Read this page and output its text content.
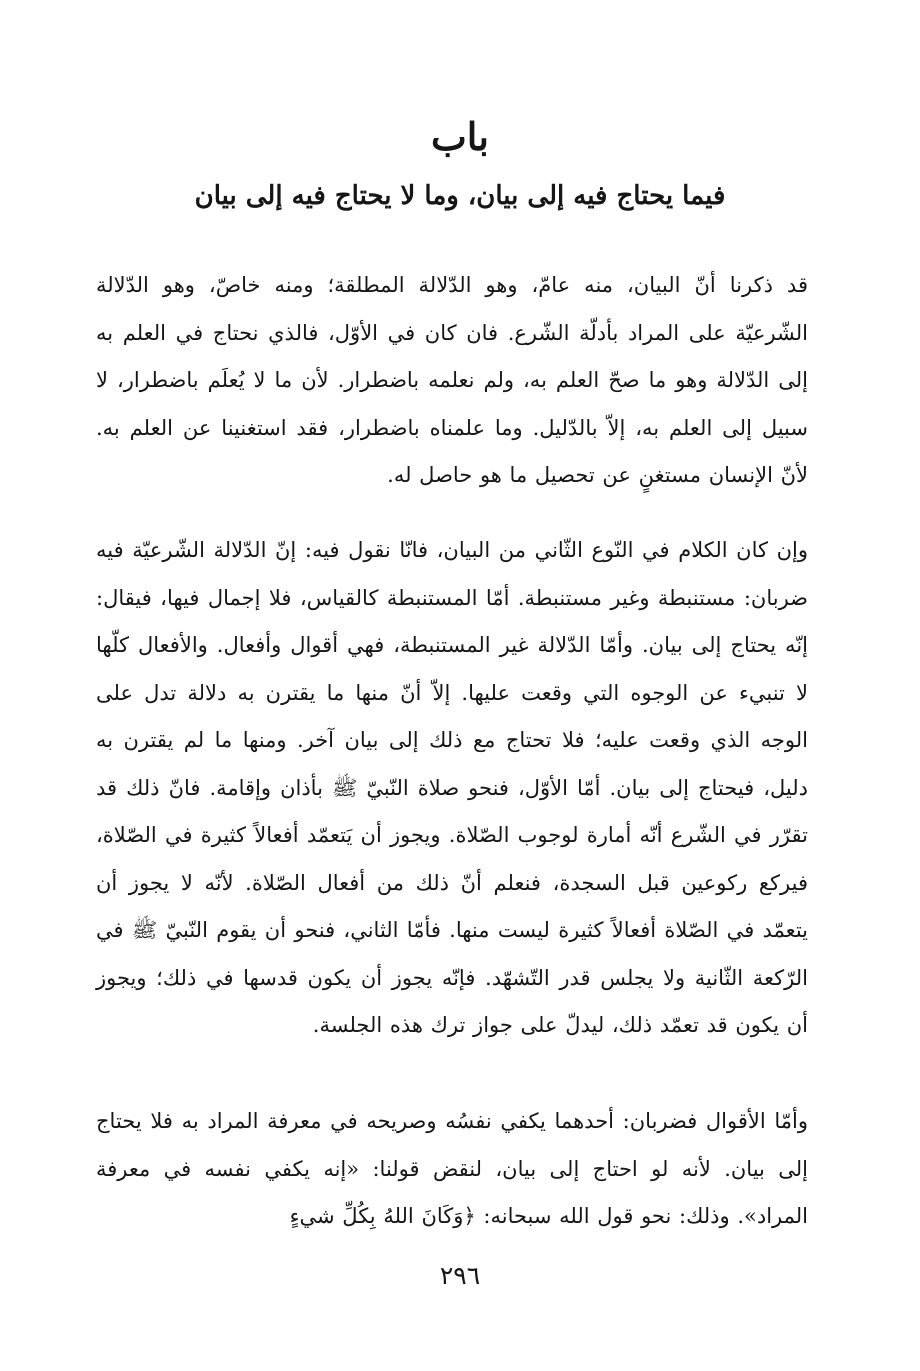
باب
فيما يحتاج فيه إلى بيان، وما لا يحتاج فيه إلى بيان

قد ذكرنا أنّ البيان، منه عامّ، وهو الدّلالة المطلقة؛ ومنه خاصّ، وهو الدّلالة الشّرعيّة على المراد بأدلّة الشّرع. فان كان في الأوّل، فالذي نحتاج في العلم به إلى الدّلالة وهو ما صحّ العلم به، ولم نعلمه باضطرار. لأن ما لا يُعلَم باضطرار، لا سبيل إلى العلم به، إلاّ بالدّليل. وما علمناه باضطرار، فقد استغنينا عن العلم به. لأنّ الإنسان مستغنٍ عن تحصيل ما هو حاصل له.

وإن كان الكلام في النّوع الثّاني من البيان، فانّا نقول فيه: إنّ الدّلالة الشّرعيّة فيه ضربان: مستنبطة وغير مستنبطة. أمّا المستنبطة كالقياس، فلا إجمال فيها، فيقال: إنّه يحتاج إلى بيان. وأمّا الدّلالة غير المستنبطة، فهي أقوال وأفعال. والأفعال كلّها لا تنبيء عن الوجوه التي وقعت عليها. إلاّ أنّ منها ما يقترن به دلالة تدل على الوجه الذي وقعت عليه؛ فلا تحتاج مع ذلك إلى بيان آخر. ومنها ما لم يقترن به دليل، فيحتاج إلى بيان. أمّا الأوّل، فنحو صلاة النّبيّ ﷺ بأذان وإقامة. فانّ ذلك قد تقرّر في الشّرع أنّه أمارة لوجوب الصّلاة. ويجوز أن يَتعمّد أفعالاً كثيرة في الصّلاة، فيركع ركوعين قبل السجدة، فنعلم أنّ ذلك من أفعال الصّلاة. لأنّه لا يجوز أن يتعمّد في الصّلاة أفعالاً كثيرة ليست منها. فأمّا الثاني، فنحو أن يقوم النّبيّ ﷺ في الرّكعة الثّانية ولا يجلس قدر التّشهّد. فإنّه يجوز أن يكون قدسها في ذلك؛ ويجوز أن يكون قد تعمّد ذلك، ليدلّ على جواز ترك هذه الجلسة.

وأمّا الأقوال فضربان: أحدهما يكفي نفسُه وصريحه في معرفة المراد به فلا يحتاج إلى بيان. لأنه لو احتاج إلى بيان، لنقض قولنا: «إنه يكفي نفسه في معرفة المراد». وذلك: نحو قول الله سبحانه: ﴿وَكَانَ اللهُ بِكُلِّ شيءٍ

٢٩٦
